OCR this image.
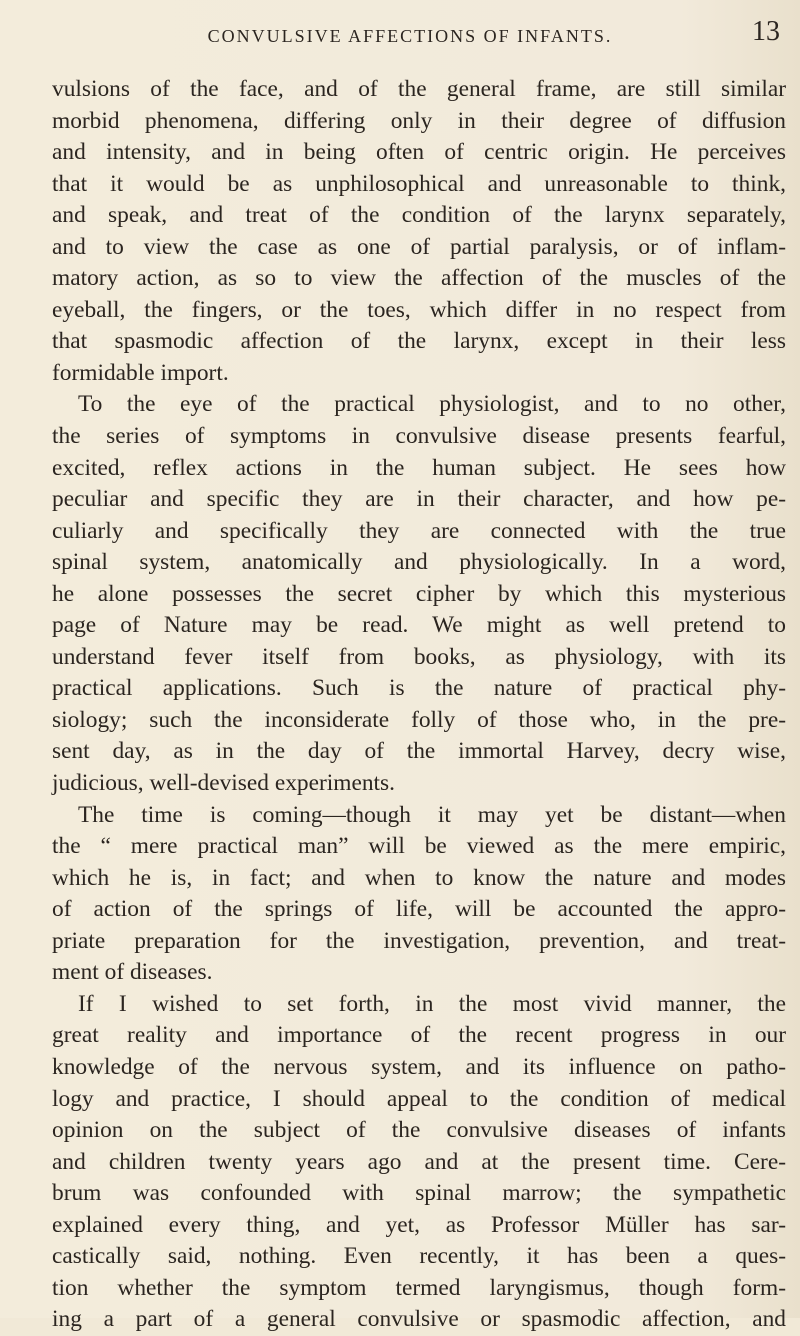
CONVULSIVE AFFECTIONS OF INFANTS.	13
vulsions of the face, and of the general frame, are still similar
morbid phenomena, differing only in their degree of diffusion
and intensity, and in being often of centric origin. He perceives
that it would be as unphilosophical and unreasonable to think,
and speak, and treat of the condition of the larynx separately,
and to view the case as one of partial paralysis, or of inflam-
matory action, as so to view the affection of the muscles of the
eyeball, the fingers, or the toes, which differ in no respect from
that spasmodic affection of the larynx, except in their less
formidable import.
To the eye of the practical physiologist, and to no other,
the series of symptoms in convulsive disease presents fearful,
excited, reflex actions in the human subject. He sees how
peculiar and specific they are in their character, and how pe-
culiarly and specifically they are connected with the true
spinal system, anatomically and physiologically. In a word,
he alone possesses the secret cipher by which this mysterious
page of Nature may be read. We might as well pretend to
understand fever itself from books, as physiology, with its
practical applications. Such is the nature of practical phy-
siology; such the inconsiderate folly of those who, in the pre-
sent day, as in the day of the immortal Harvey, decry wise,
judicious, well-devised experiments.
The time is coming—though it may yet be distant—when
the “ mere practical man” will be viewed as the mere empiric,
which he is, in fact; and when to know the nature and modes
of action of the springs of life, will be accounted the appro-
priate preparation for the investigation, prevention, and treat-
ment of diseases.
If I wished to set forth, in the most vivid manner, the
great reality and importance of the recent progress in our
knowledge of the nervous system, and its influence on patho-
logy and practice, I should appeal to the condition of medical
opinion on the subject of the convulsive diseases of infants
and children twenty years ago and at the present time. Cere-
brum was confounded with spinal marrow; the sympathetic
explained every thing, and yet, as Professor Müller has sar-
castically said, nothing. Even recently, it has been a ques-
tion whether the symptom termed laryngismus, though form-
ing a part of a general convulsive or spasmodic affection, and
